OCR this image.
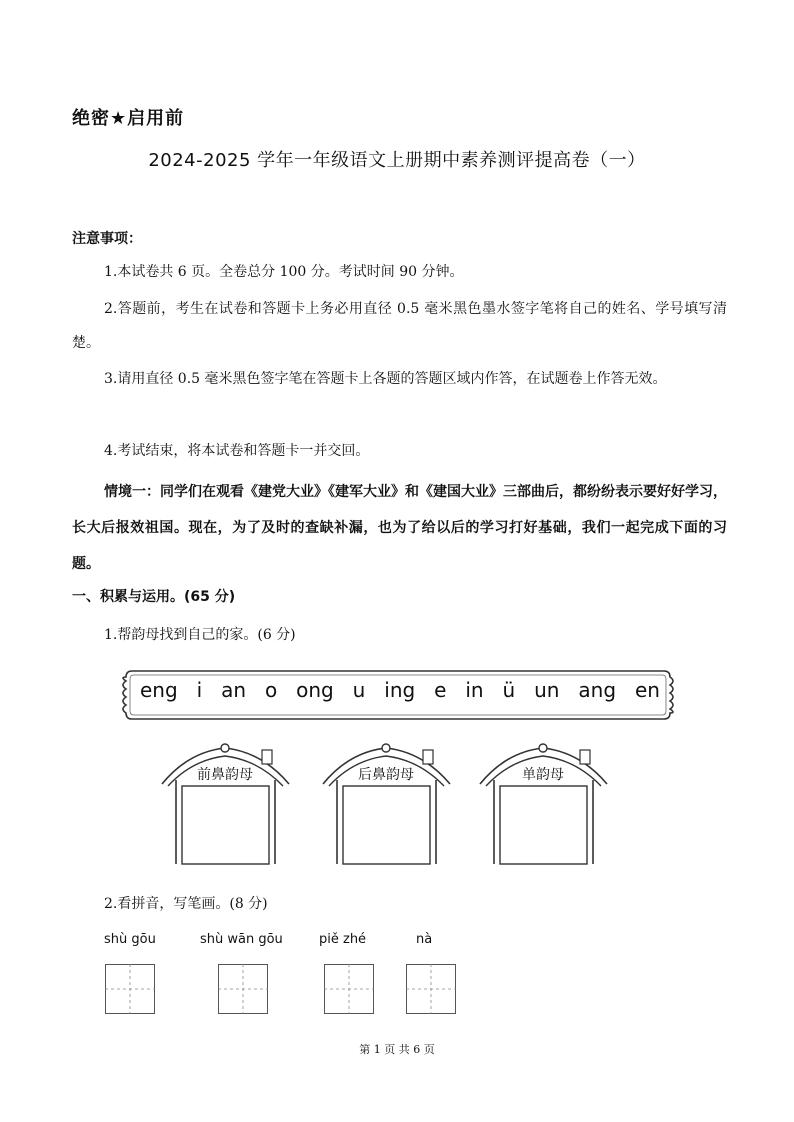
绝密★启用前
2024-2025 学年一年级语文上册期中素养测评提高卷（一）
注意事项：
1.本试卷共 6 页。全卷总分 100 分。考试时间 90 分钟。
2.答题前，考生在试卷和答题卡上务必用直径 0.5 毫米黑色墨水签字笔将自己的姓名、学号填写清楚。
3.请用直径 0.5 毫米黑色签字笔在答题卡上各题的答题区域内作答，在试题卷上作答无效。
4.考试结束，将本试卷和答题卡一并交回。
情境一：同学们在观看《建党大业》《建军大业》和《建国大业》三部曲后，都纷纷表示要好好学习，长大后报效祖国。现在，为了及时的查缺补漏，也为了给以后的学习打好基础，我们一起完成下面的习题。
一、积累与运用。(65 分)
1.帮韵母找到自己的家。(6 分)
eng i an o ong u ing e in ü un ang en
前鼻韵母	后鼻韵母	单韵母
2.看拼音，写笔画。(8 分)
shù gōu	shù wān gōu	piě zhé	nà
第 1 页 共 6 页
